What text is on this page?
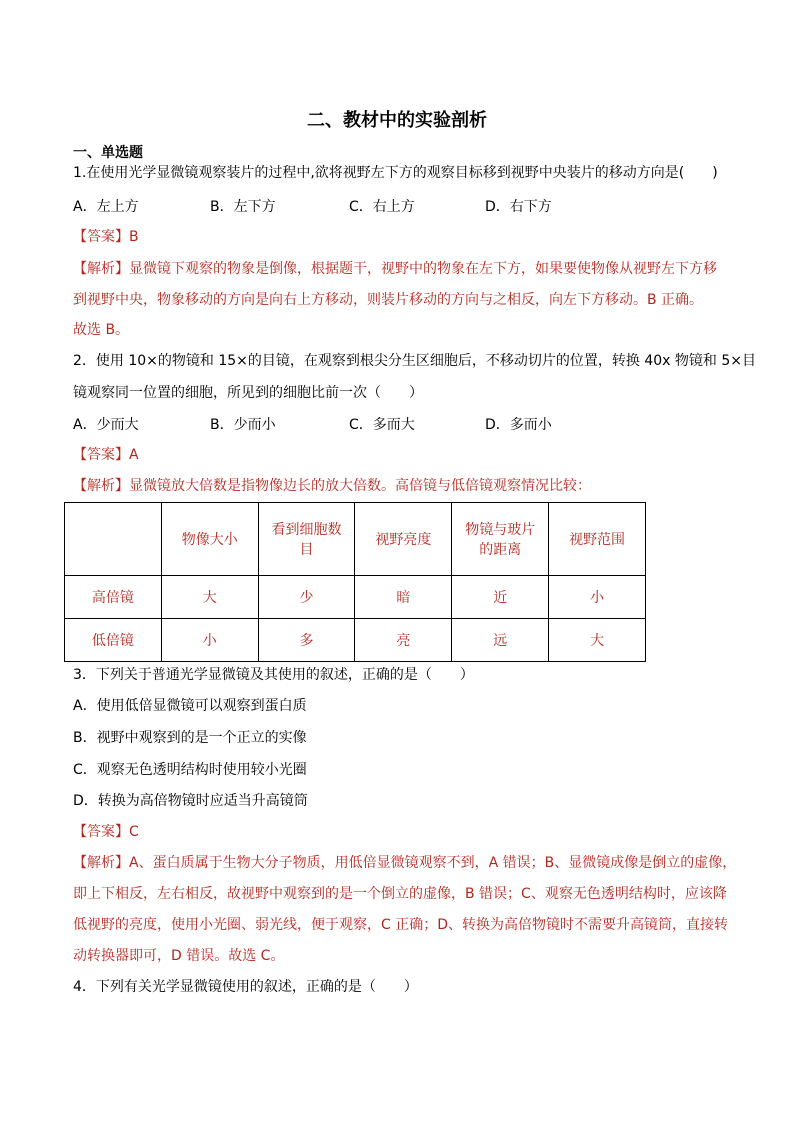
二、教材中的实验剖析
一、单选题
1.在使用光学显微镜观察装片的过程中,欲将视野左下方的观察目标移到视野中央装片的移动方向是(　　)
A．左上方	B．左下方	C．右上方	D．右下方
【答案】B
【解析】显微镜下观察的物象是倒像，根据题干，视野中的物象在左下方，如果要使物像从视野左下方移
到视野中央，物象移动的方向是向右上方移动，则装片移动的方向与之相反，向左下方移动。B 正确。
故选 B。
2．使用 10×的物镜和 15×的目镜，在观察到根尖分生区细胞后，不移动切片的位置，转换 40x 物镜和 5×目
镜观察同一位置的细胞，所见到的细胞比前一次（　　）
A．少而大	B．少而小	C．多而大	D．多而小
【答案】A
【解析】显微镜放大倍数是指物像边长的放大倍数。高倍镜与低倍镜观察情况比较：
	物像大小	看到细胞数目	视野亮度	物镜与玻片的距离	视野范围
高倍镜	大	少	暗	近	小
低倍镜	小	多	亮	远	大
3．下列关于普通光学显微镜及其使用的叙述，正确的是（　　）
A．使用低倍显微镜可以观察到蛋白质
B．视野中观察到的是一个正立的实像
C．观察无色透明结构时使用较小光圈
D．转换为高倍物镜时应适当升高镜筒
【答案】C
【解析】A、蛋白质属于生物大分子物质，用低倍显微镜观察不到，A 错误；B、显微镜成像是倒立的虚像，
即上下相反，左右相反，故视野中观察到的是一个倒立的虚像，B 错误；C、观察无色透明结构时，应该降
低视野的亮度，使用小光圈、弱光线，便于观察，C 正确；D、转换为高倍物镜时不需要升高镜筒，直接转
动转换器即可，D 错误。故选 C。
4．下列有关光学显微镜使用的叙述，正确的是（　　）
